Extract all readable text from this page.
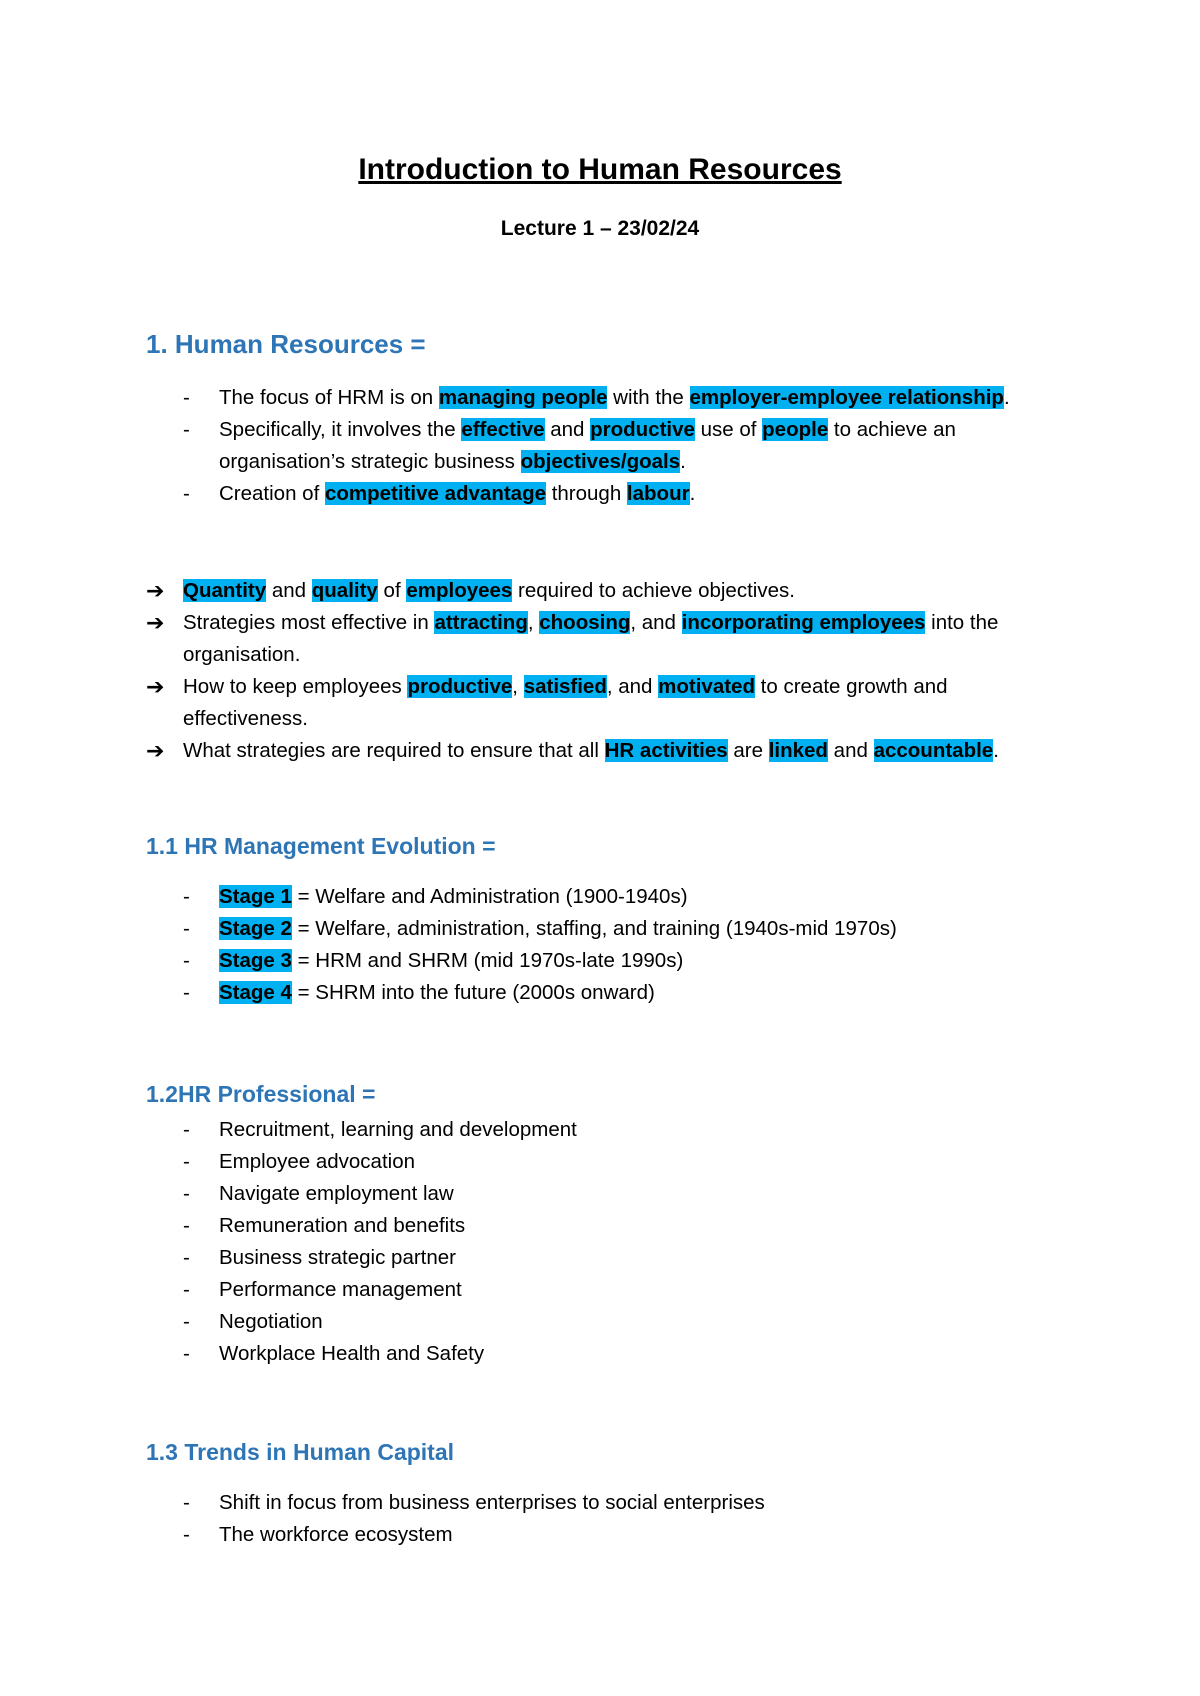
Introduction to Human Resources
Lecture 1 – 23/02/24
1. Human Resources =
- The focus of HRM is on managing people with the employer-employee relationship.
- Specifically, it involves the effective and productive use of people to achieve an organisation’s strategic business objectives/goals.
- Creation of competitive advantage through labour.
➔ Quantity and quality of employees required to achieve objectives.
➔ Strategies most effective in attracting, choosing, and incorporating employees into the organisation.
➔ How to keep employees productive, satisfied, and motivated to create growth and effectiveness.
➔ What strategies are required to ensure that all HR activities are linked and accountable.
1.1 HR Management Evolution =
- Stage 1 = Welfare and Administration (1900-1940s)
- Stage 2 = Welfare, administration, staffing, and training (1940s-mid 1970s)
- Stage 3 = HRM and SHRM (mid 1970s-late 1990s)
- Stage 4 = SHRM into the future (2000s onward)
1.2HR Professional =
- Recruitment, learning and development
- Employee advocation
- Navigate employment law
- Remuneration and benefits
- Business strategic partner
- Performance management
- Negotiation
- Workplace Health and Safety
1.3 Trends in Human Capital
- Shift in focus from business enterprises to social enterprises
- The workforce ecosystem
